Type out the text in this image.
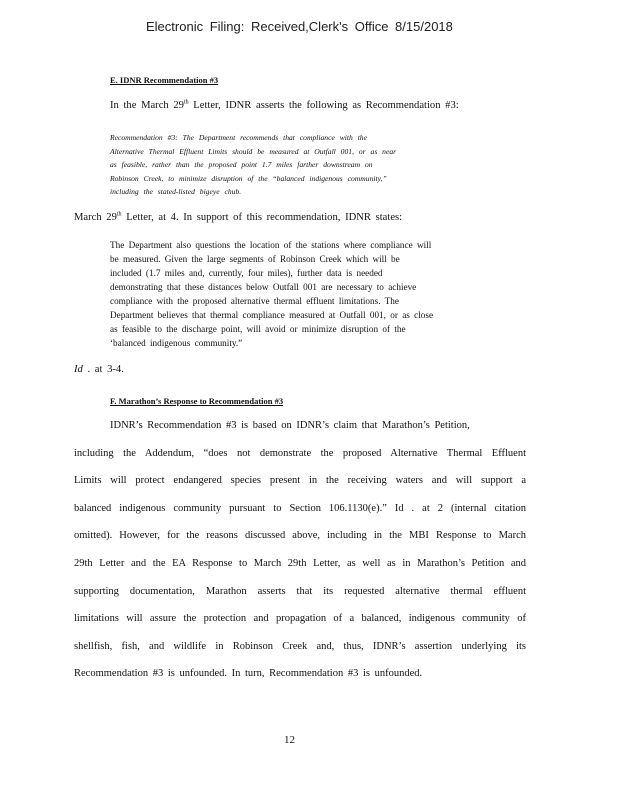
Electronic Filing: Received,Clerk's Office 8/15/2018
E. IDNR Recommendation #3
In the March 29th Letter, IDNR asserts the following as Recommendation #3:
Recommendation #3: The Department recommends that compliance with the
Alternative Thermal Effluent Limits should be measured at Outfall 001, or as near
as feasible, rather than the proposed point 1.7 miles farther downstream on
Robinson Creek, to minimize disruption of the “balanced indigenous community,”
including the stated-listed bigeye chub.
March 29th Letter, at 4. In support of this recommendation, IDNR states:
The Department also questions the location of the stations where compliance will
be measured. Given the large segments of Robinson Creek which will be
included (1.7 miles and, currently, four miles), further data is needed
demonstrating that these distances below Outfall 001 are necessary to achieve
compliance with the proposed alternative thermal effluent limitations. The
Department believes that thermal compliance measured at Outfall 001, or as close
as feasible to the discharge point, will avoid or minimize disruption of the
‘balanced indigenous community.”
Id . at 3-4.
F. Marathon’s Response to Recommendation #3
IDNR’s Recommendation #3 is based on IDNR’s claim that Marathon’s Petition,
including the Addendum, “does not demonstrate the proposed Alternative Thermal Effluent
Limits will protect endangered species present in the receiving waters and will support a
balanced indigenous community pursuant to Section 106.1130(e).” Id . at 2 (internal citation
omitted). However, for the reasons discussed above, including in the MBI Response to March
29th Letter and the EA Response to March 29th Letter, as well as in Marathon’s Petition and
supporting documentation, Marathon asserts that its requested alternative thermal effluent
limitations will assure the protection and propagation of a balanced, indigenous community of
shellfish, fish, and wildlife in Robinson Creek and, thus, IDNR’s assertion underlying its
Recommendation #3 is unfounded. In turn, Recommendation #3 is unfounded.
12
